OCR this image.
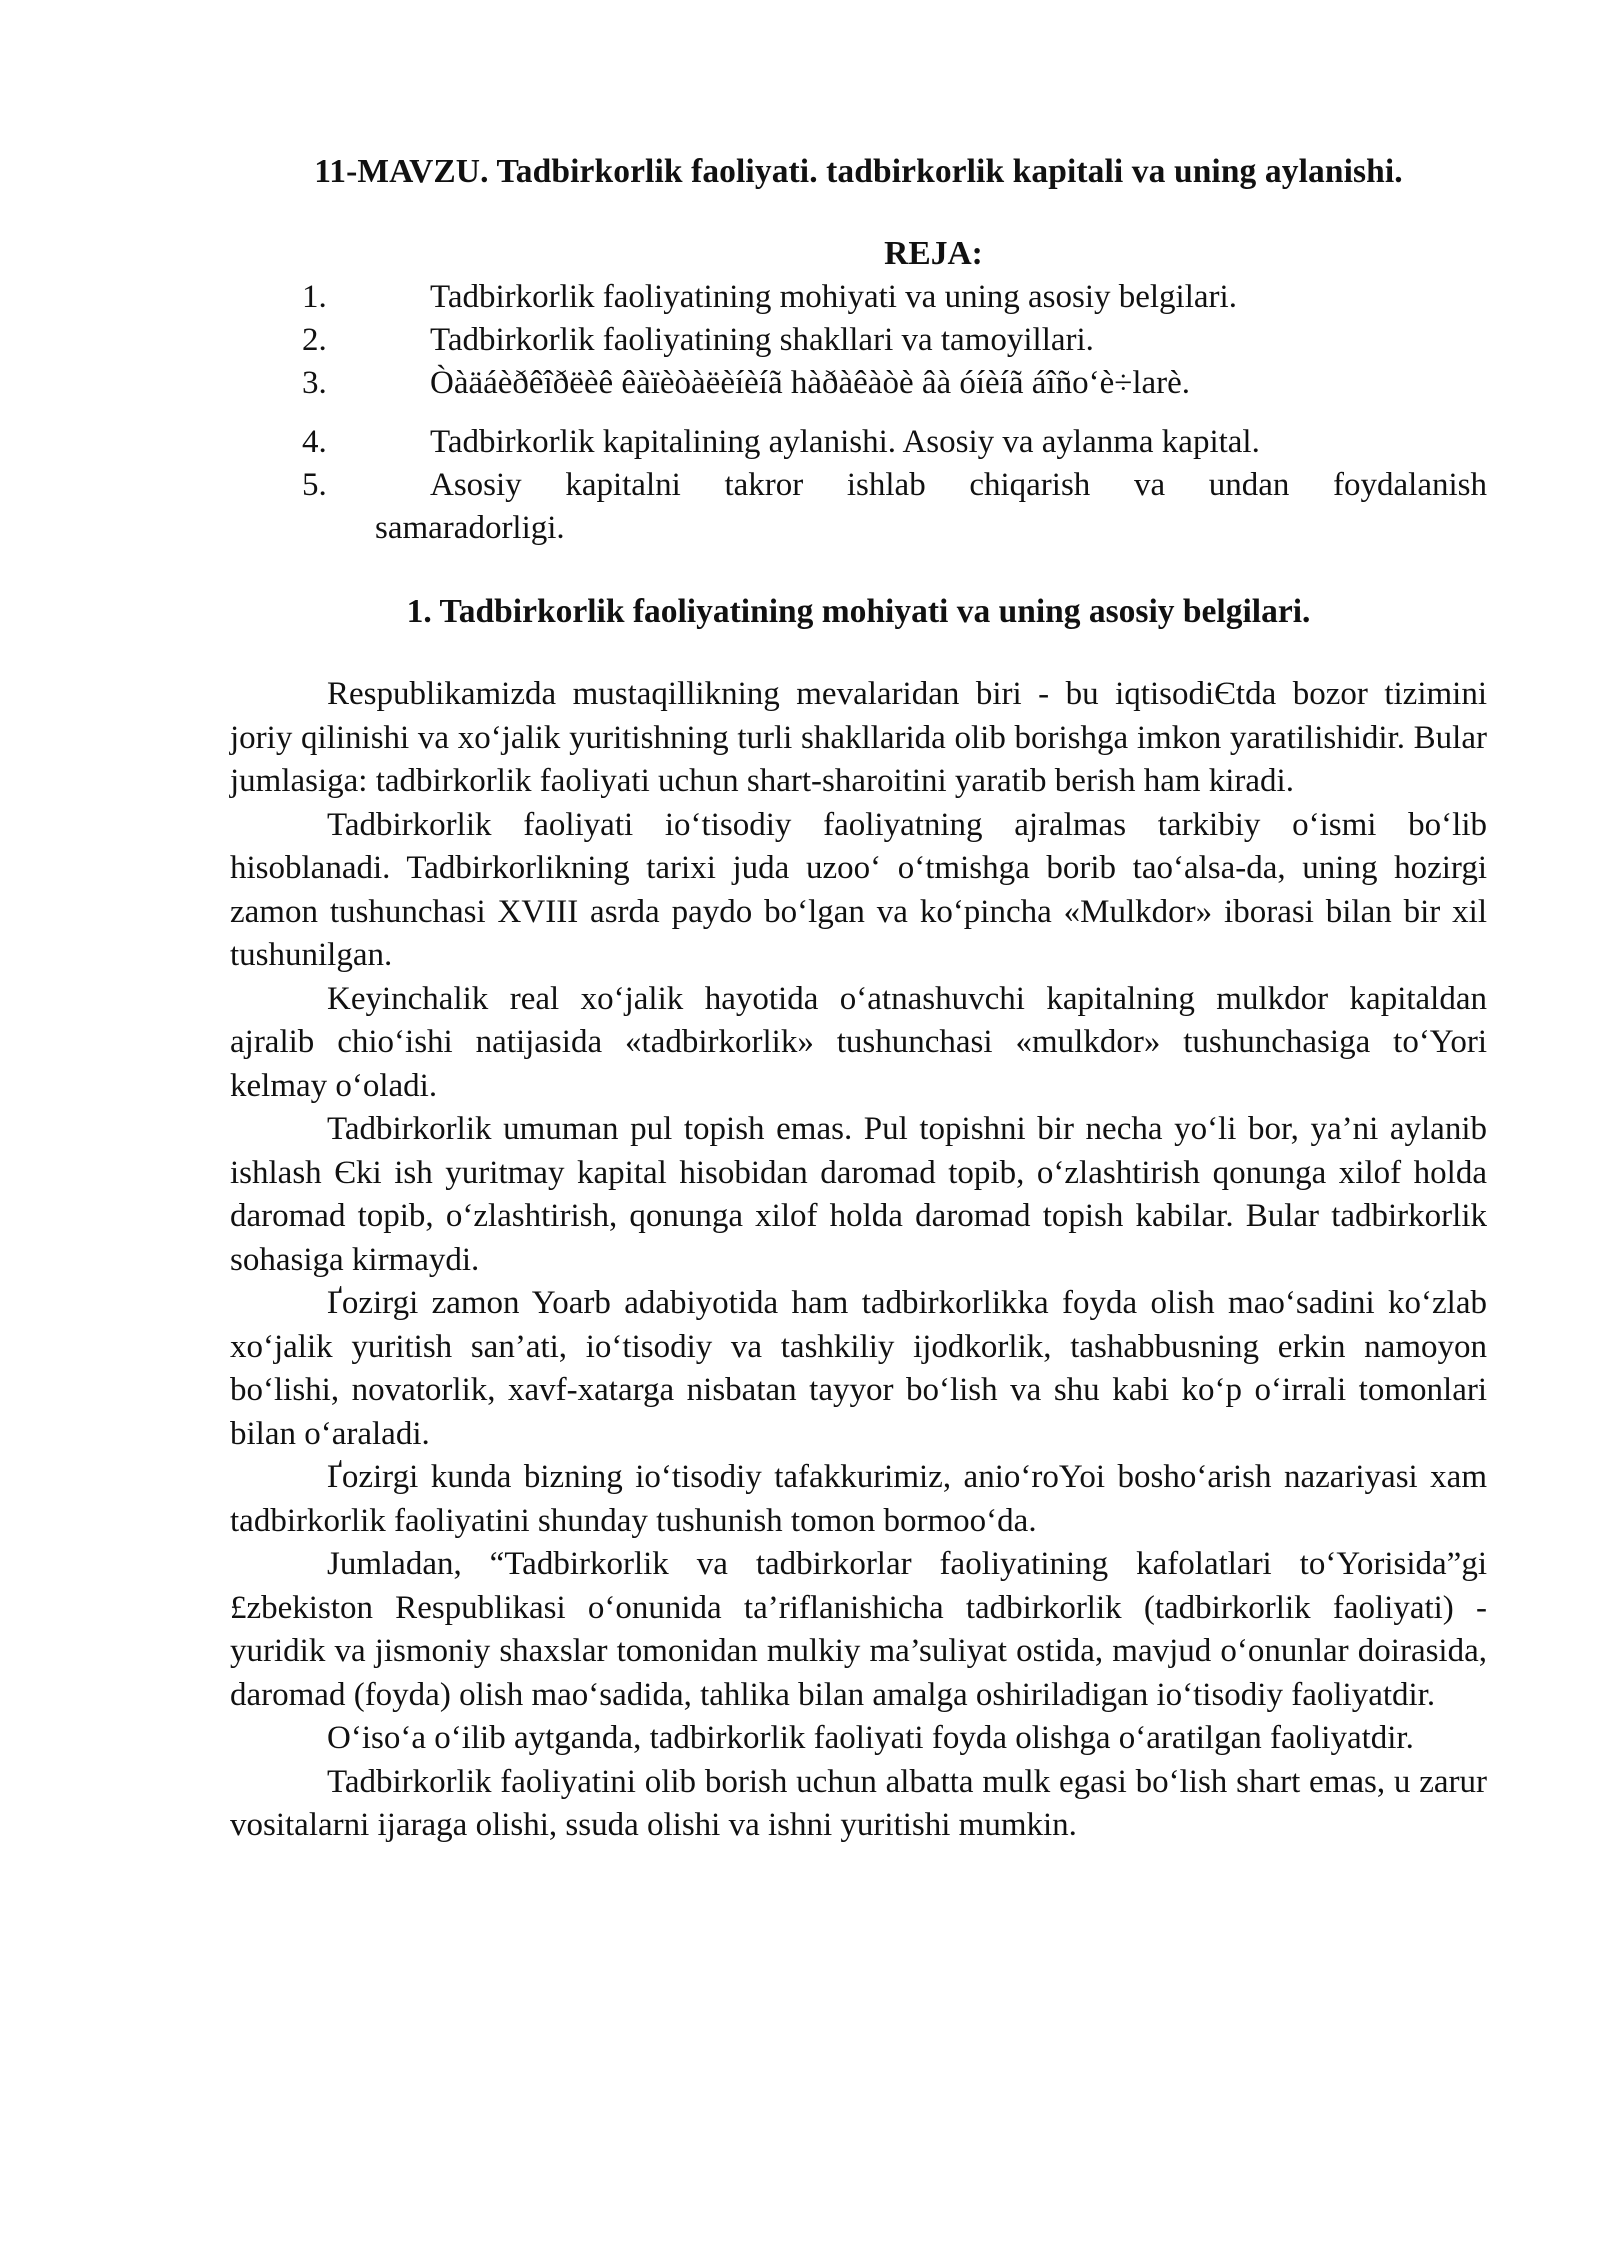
11-MAVZU. Tadbirkorlik faoliyati. tadbirkorlik kapitali va uning aylanishi.
REJA:
1.	Tadbirkorlik faoliyatining mohiyati va uning asosiy belgilari.
2.	Tadbirkorlik faoliyatining shakllari va tamoyillari.
3.	Òàäáèðêîðëèê êàïèòàëèíèíã hàðàêàòè âà óíèíã áîño‘è÷larè.
4.	Tadbirkorlik kapitalining aylanishi. Asosiy va aylanma kapital.
5.	Asosiy kapitalni takror ishlab chiqarish va undan foydalanish
samaradorligi.
1. Tadbirkorlik faoliyatining mohiyati va uning asosiy belgilari.

Respublikamizda mustaqillikning mevalaridan biri - bu iqtisodiЄtda bozor tizimini joriy qilinishi va xo‘jalik yuritishning turli shakllarida olib borishga imkon yaratilishidir. Bular jumlasiga: tadbirkorlik faoliyati uchun shart-sharoitini yaratib berish ham kiradi.

Tadbirkorlik faoliyati io‘tisodiy faoliyatning ajralmas tarkibiy o‘ismi bo‘lib hisoblanadi. Tadbirkorlikning tarixi juda uzoo‘ o‘tmishga borib tao‘alsa-da, uning hozirgi zamon tushunchasi XVIII asrda paydo bo‘lgan va ko‘pincha «Mulkdor» iborasi bilan bir xil tushunilgan.

Keyinchalik real xo‘jalik hayotida o‘atnashuvchi kapitalning mulkdor kapitaldan ajralib chio‘ishi natijasida «tadbirkorlik» tushunchasi «mulkdor» tushunchasiga to‘Yori kelmay o‘oladi.

Tadbirkorlik umuman pul topish emas. Pul topishni bir necha yo‘li bor, ya’ni aylanib ishlash Єki ish yuritmay kapital hisobidan daromad topib, o‘zlashtirish qonunga xilof holda daromad topib, o‘zlashtirish, qonunga xilof holda daromad topish kabilar. Bular tadbirkorlik sohasiga kirmaydi.

Ґozirgi zamon Yoarb adabiyotida ham tadbirkorlikka foyda olish mao‘sadini ko‘zlab xo‘jalik yuritish san’ati, io‘tisodiy va tashkiliy ijodkorlik, tashabbusning erkin namoyon bo‘lishi, novatorlik, xavf-xatarga nisbatan tayyor bo‘lish va shu kabi ko‘p o‘irrali tomonlari bilan o‘araladi.

Ґozirgi kunda bizning io‘tisodiy tafakkurimiz, anio‘roYoi bosho‘arish nazariyasi xam tadbirkorlik faoliyatini shunday tushunish tomon bormoo‘da.

Jumladan, “Tadbirkorlik va tadbirkorlar faoliyatining kafolatlari to‘Yorisida”gi £zbekiston Respublikasi o‘onunida ta’riflanishicha tadbirkorlik (tadbirkorlik faoliyati) - yuridik va jismoniy shaxslar tomonidan mulkiy ma’suliyat ostida, mavjud o‘onunlar doirasida, daromad (foyda) olish mao‘sadida, tahlika bilan amalga oshiriladigan io‘tisodiy faoliyatdir.

O‘iso‘a o‘ilib aytganda, tadbirkorlik faoliyati foyda olishga o‘aratilgan faoliyatdir.

Tadbirkorlik faoliyatini olib borish uchun albatta mulk egasi bo‘lish shart emas, u zarur vositalarni ijaraga olishi, ssuda olishi va ishni yuritishi mumkin.
